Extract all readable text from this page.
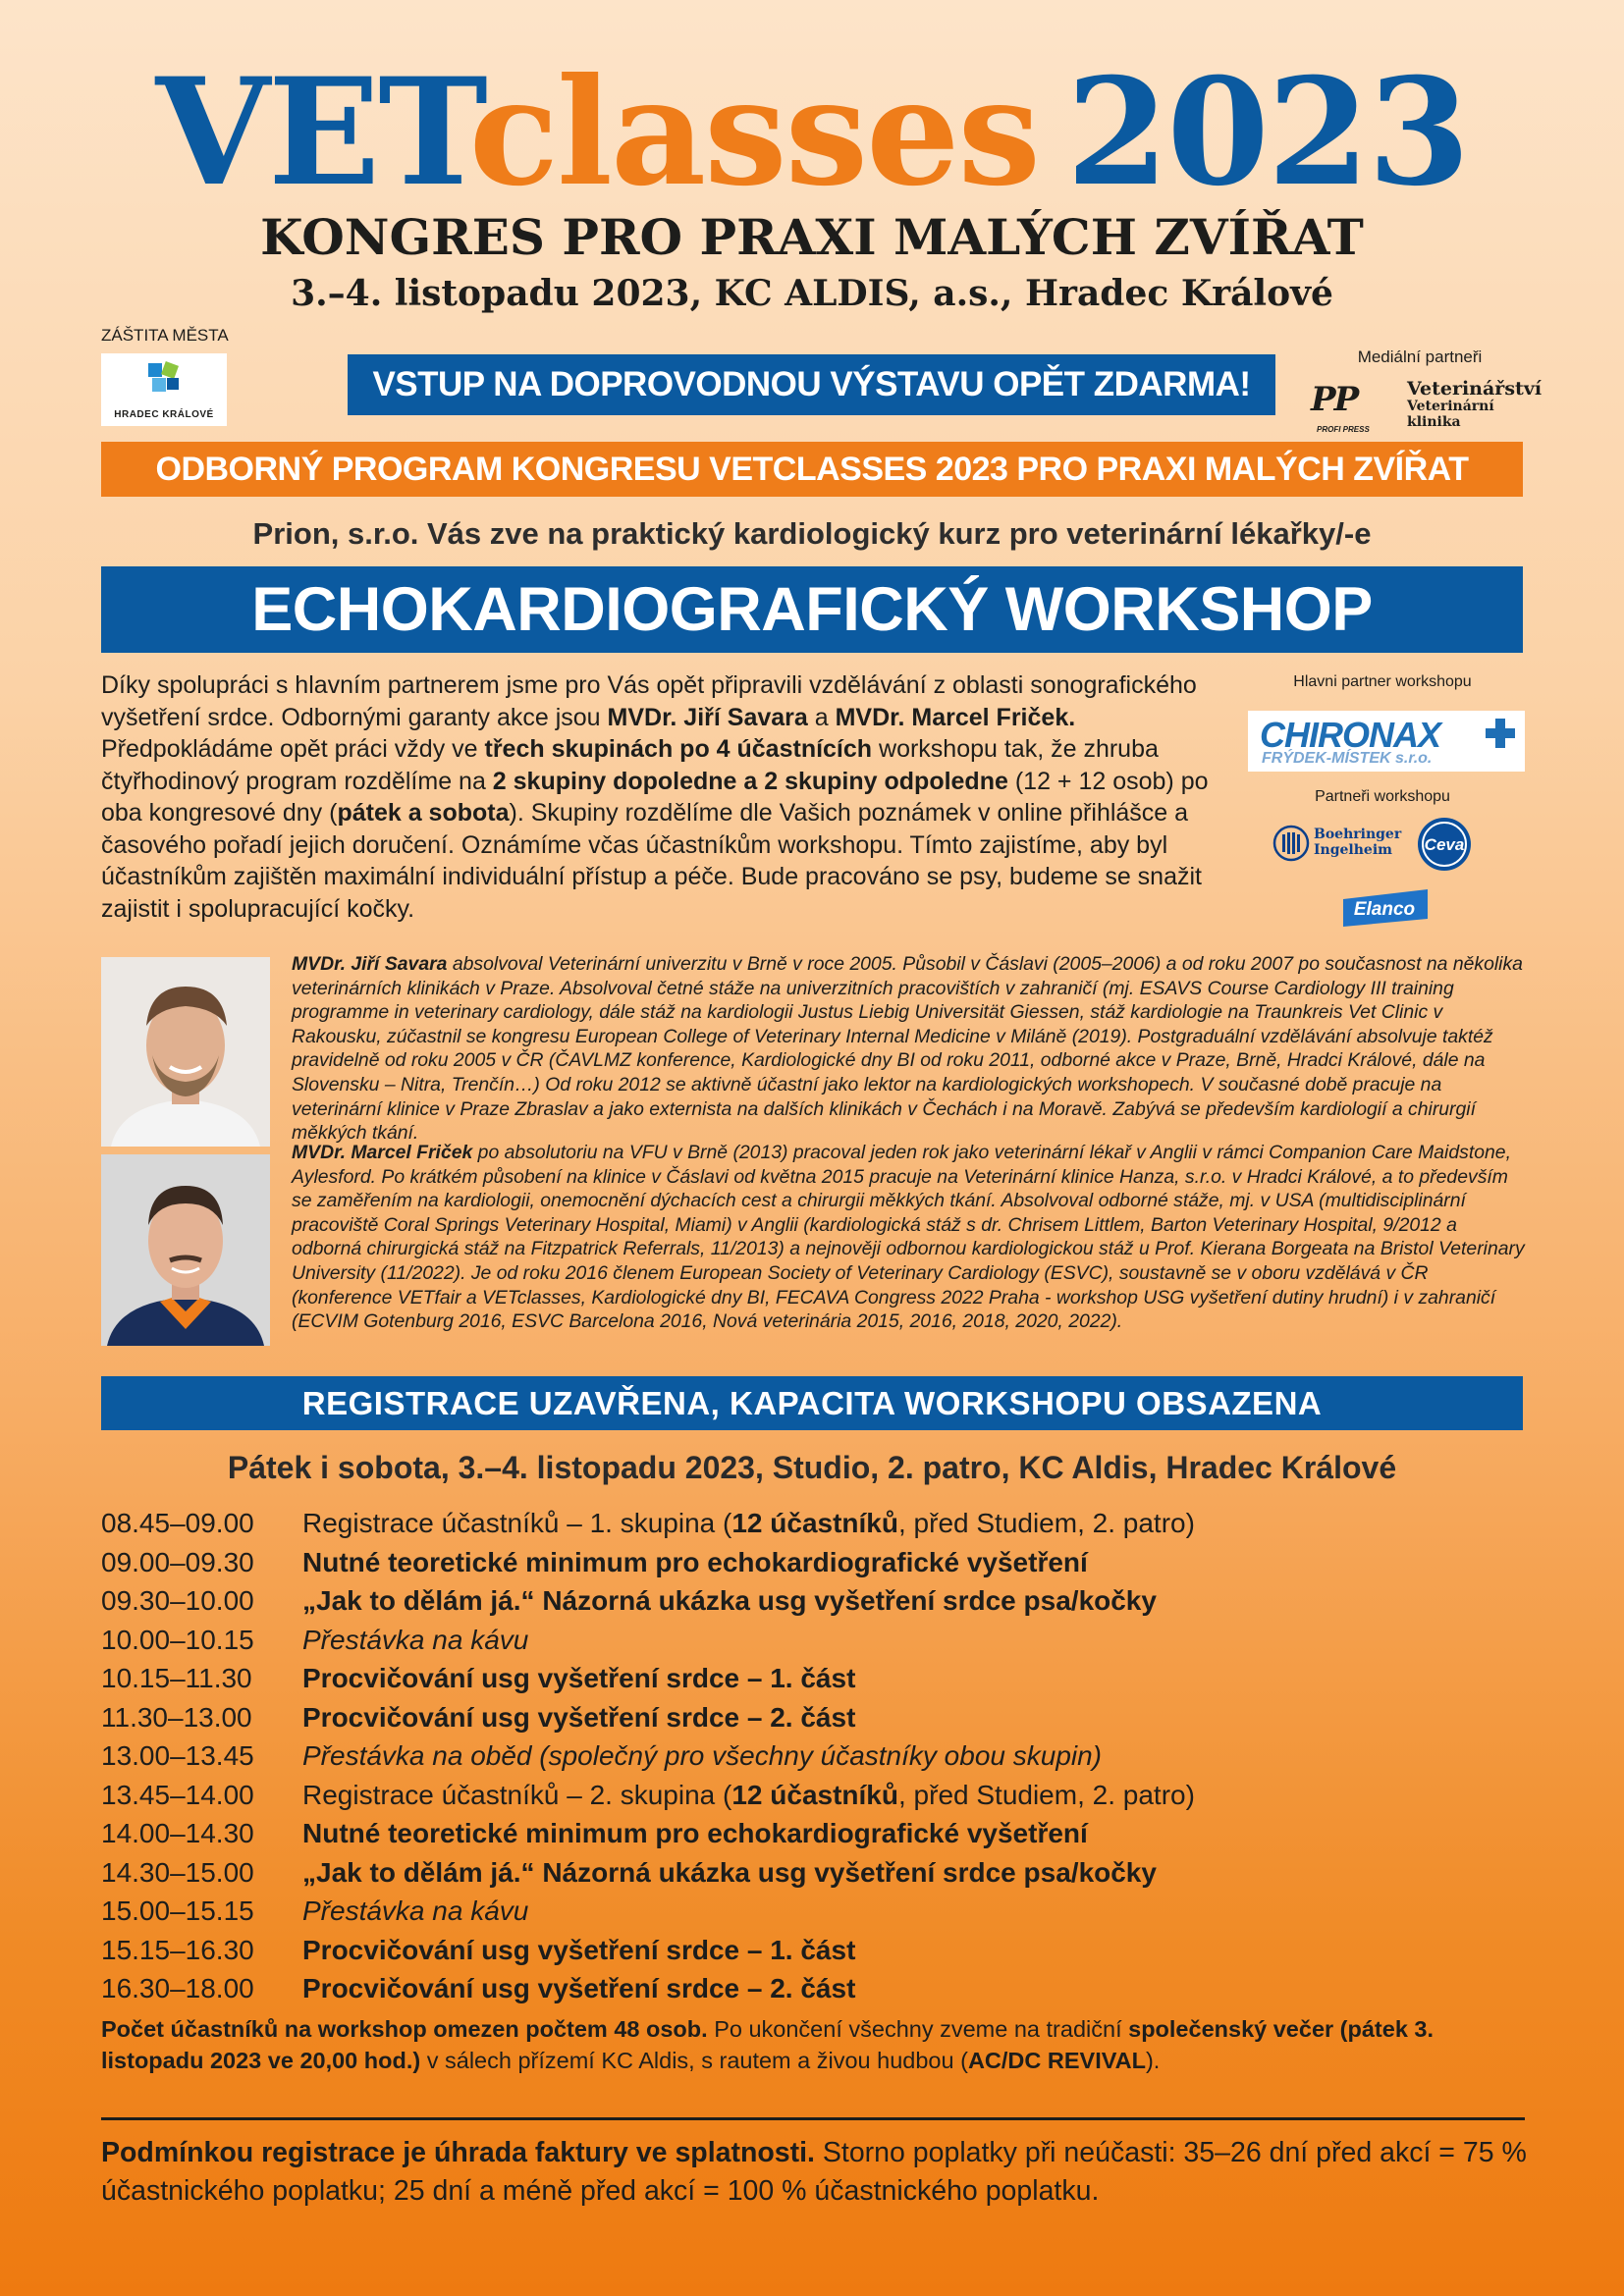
VETclasses 2023
KONGRES PRO PRAXI MALÝCH ZVÍŘAT
3.–4. listopadu 2023, KC ALDIS, a.s., Hradec Králové
ZÁŠTITA MĚSTA
HRADEC KRÁLOVÉ
VSTUP NA DOPROVODNOU VÝSTAVU OPĚT ZDARMA!
Mediální partneři
PP
PROFI PRESS
Veterinářství
Veterinární klinika
ODBORNÝ PROGRAM KONGRESU VETCLASSES 2023 PRO PRAXI MALÝCH ZVÍŘAT
Prion, s.r.o. Vás zve na praktický kardiologický kurz pro veterinární lékařky/-e
ECHOKARDIOGRAFICKÝ WORKSHOP
Díky spolupráci s hlavním partnerem jsme pro Vás opět připravili vzdělávání z oblasti sonografického vyšetření srdce. Odbornými garanty akce jsou MVDr. Jiří Savara a MVDr. Marcel Friček. Předpokládáme opět práci vždy ve třech skupinách po 4 účastnících workshopu tak, že zhruba čtyřhodinový program rozdělíme na 2 skupiny dopoledne a 2 skupiny odpoledne (12 + 12 osob) po oba kongresové dny (pátek a sobota). Skupiny rozdělíme dle Vašich poznámek v online přihlášce a časového pořadí jejich doručení. Oznámíme včas účastníkům workshopu. Tímto zajistíme, aby byl účastníkům zajištěn maximální individuální přístup a péče. Bude pracováno se psy, budeme se snažit zajistit i spolupracující kočky.
Hlavni partner workshopu
CHIRONAX
FRÝDEK-MÍSTEK s.r.o.
Partneři workshopu
Boehringer
Ingelheim	Ceva
Elanco
MVDr. Jiří Savara absolvoval Veterinární univerzitu v Brně v roce 2005. Působil v Čáslavi (2005–2006) a od roku 2007 po současnost na několika veterinárních klinikách v Praze. Absolvoval četné stáže na univerzitních pracovištích v zahraničí (mj. ESAVS Course Cardiology III training programme in veterinary cardiology, dále stáž na kardiologii Justus Liebig Universität Giessen, stáž kardiologie na Traunkreis Vet Clinic v Rakousku, zúčastnil se kongresu European College of Veterinary Internal Medicine v Miláně (2019). Postgraduální vzdělávání absolvuje taktéž pravidelně od roku 2005 v ČR (ČAVLMZ konference, Kardiologické dny BI od roku 2011, odborné akce v Praze, Brně, Hradci Králové, dále na Slovensku – Nitra, Trenčín…) Od roku 2012 se aktivně účastní jako lektor na kardiologických workshopech. V současné době pracuje na veterinární klinice v Praze Zbraslav a jako externista na dalších klinikách v Čechách i na Moravě. Zabývá se především kardiologií a chirurgií měkkých tkání.
MVDr. Marcel Friček po absolutoriu na VFU v Brně (2013) pracoval jeden rok jako veterinární lékař v Anglii v rámci Companion Care Maidstone, Aylesford. Po krátkém působení na klinice v Čáslavi od května 2015 pracuje na Veterinární klinice Hanza, s.r.o. v Hradci Králové, a to především se zaměřením na kardiologii, onemocnění dýchacích cest a chirurgii měkkých tkání. Absolvoval odborné stáže, mj. v USA (multidisciplinární pracoviště Coral Springs Veterinary Hospital, Miami) v Anglii (kardiologická stáž s dr. Chrisem Littlem, Barton Veterinary Hospital, 9/2012 a odborná chirurgická stáž na Fitzpatrick Referrals, 11/2013) a nejnověji odbornou kardiologickou stáž u Prof. Kierana Borgeata na Bristol Veterinary University (11/2022). Je od roku 2016 členem European Society of Veterinary Cardiology (ESVC), soustavně se v oboru vzdělává v ČR (konference VETfair a VETclasses, Kardiologické dny BI, FECAVA Congress 2022 Praha - workshop USG vyšetření dutiny hrudní) i v zahraničí (ECVIM Gotenburg 2016, ESVC Barcelona 2016, Nová veterinária 2015, 2016, 2018, 2020, 2022).
REGISTRACE UZAVŘENA, KAPACITA WORKSHOPU OBSAZENA
Pátek i sobota, 3.–4. listopadu 2023, Studio, 2. patro, KC Aldis, Hradec Králové
08.45–09.00	Registrace účastníků – 1. skupina (12 účastníků, před Studiem, 2. patro)
09.00–09.30	Nutné teoretické minimum pro echokardiografické vyšetření
09.30–10.00	„Jak to dělám já.“ Názorná ukázka usg vyšetření srdce psa/kočky
10.00–10.15	Přestávka na kávu
10.15–11.30	Procvičování usg vyšetření srdce – 1. část
11.30–13.00	Procvičování usg vyšetření srdce – 2. část
13.00–13.45	Přestávka na oběd (společný pro všechny účastníky obou skupin)
13.45–14.00	Registrace účastníků – 2. skupina (12 účastníků, před Studiem, 2. patro)
14.00–14.30	Nutné teoretické minimum pro echokardiografické vyšetření
14.30–15.00	„Jak to dělám já.“ Názorná ukázka usg vyšetření srdce psa/kočky
15.00–15.15	Přestávka na kávu
15.15–16.30	Procvičování usg vyšetření srdce – 1. část
16.30–18.00	Procvičování usg vyšetření srdce – 2. část
Počet účastníků na workshop omezen počtem 48 osob. Po ukončení všechny zveme na tradiční společenský večer (pátek 3. listopadu 2023 ve 20,00 hod.) v sálech přízemí KC Aldis, s rautem a živou hudbou (AC/DC REVIVAL).
Podmínkou registrace je úhrada faktury ve splatnosti. Storno poplatky při neúčasti: 35–26 dní před akcí = 75 % účastnického poplatku; 25 dní a méně před akcí = 100 % účastnického poplatku.
